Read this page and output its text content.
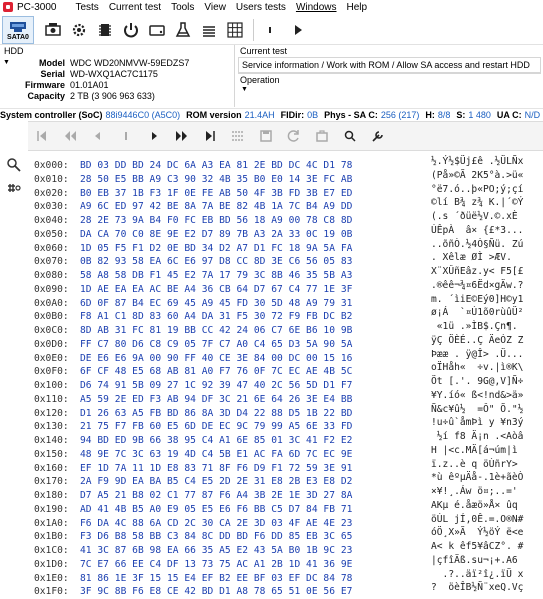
PC-3000	Tests	Current test	Tools	View	Users tests	Windows	Help
SATA0
HDD
▼	Model WDC WD20NMVW-59EDZS7
Serial WD-WXQ1AC7C1175
Firmware 01.01A01
Capacity 2 TB (3 906 963 633)
Current test
Service information / Work with ROM / Allow SA access and restart HDD
Operation
▼
System controller (SoC) 88i9446C0 (A5C0) ROM version 21.4AH FIDir: 0B Phys - SA C: 256 (217) H: 8/8 S: 1 480 UA C: N/D
0x000: BD 03 DD BD 24 DC 6A A3 EA 81 2E BD DC 4C D1 78	½.Ý½$Üj£ê .½ÜLÑx
0x010: 28 50 E5 BB A9 C3 90 32 4B 35 B0 E0 14 3E FC AB	(På»©Ã 2K5°à.>ü«
0x020: B0 EB 37 1B F3 1F 0E FE AB 50 4F 3B FD 3B E7 ED	°ë7.ó..þ«PO;ý;çí
0x030: A9 6C ED 97 42 BE 8A 7A BE 82 4B 1A 7C B4 A9 DD	©lí B¾ z¾ K.|´©Ý
0x040: 28 2E 73 9A B4 F0 FC EB BD 56 18 A9 00 78 C8 8D	(.s ´ðüë½V.©.xÈ
0x050: DA CA 70 C0 8E 9E E2 D7 89 7B A3 2A 33 0C 19 0B	ÚÊpÀ  â× {£*3...
0x060: 1D 05 F5 F1 D2 0E BD 34 D2 A7 D1 FC 18 9A 5A FA	..õñÒ.½4Ò§Ñü. Zú
0x070: 0B 82 93 58 EA 6C E6 97 D8 CC 8D 3E C6 56 05 83	. Xêlæ ØÌ >ÆV.
0x080: 58 A8 58 DB F1 45 E2 7A 17 79 3C 8B 46 35 5B A3	X¨XÛñEâz.y< F5[£
0x090: 1D AE EA EA AC BE A4 36 CB 64 D7 67 C4 77 1E 3F	.®êê¬¾¤6Ëd×gÄw.?
0x0A0: 6D 0F 87 B4 EC 69 45 A9 45 FD 30 5D 48 A9 79 31	m. ´ìiE©Eý0]H©y1
0x0B0: F8 A1 C1 8D 83 60 A4 DA 31 F5 30 72 F9 FB DC B2	ø¡Á  `¤Ú1õ0rùûÜ²
0x0C0: 8D AB 31 FC 81 19 BB CC 42 24 06 C7 6E B6 10 9B	«1ü .»ÌB$.Çn¶.
0x0D0: FF C7 80 D6 C8 C9 05 7F C7 A0 C4 65 D3 5A 90 5A	ÿÇ ÖÈÉ..Ç ÄeÓZ Z
0x0E0: DE E6 E6 9A 00 90 FF 40 CE 3E 84 00 DC 00 15 16	Þææ . ÿ@Î> .Ü...
0x0F0: 6F CF 48 E5 68 AB 81 A0 F7 76 0F 7C EC AE 4B 5C	oÏHåh«  ÷v.|ì®K\
0x100: D6 74 91 5B 09 27 1C 92 39 47 40 2C 56 5D D1 F7	Öt [.'. 9G@,V]Ñ÷
0x110: A5 59 2E ED F3 AB 94 DF 3C 21 6E 64 26 3E E4 BB	¥Y.íó« ß<!nd&>ä»
0x120: D1 26 63 A5 FB BD 86 8A 3D D4 22 88 D5 1B 22 BD	Ñ&c¥û½  =Ô" Õ."½
0x130: 21 75 F7 FB 60 E5 6D DE EC 9C 79 99 A5 6E 33 FD	!u÷û`åmÞì y ¥n3ý
0x140: 94 BD ED 9B 66 38 95 C4 A1 6E 85 01 3C 41 F2 E2	½í f8 Ä¡n .<Aòâ
0x150: 48 9E 7C 3C 63 19 4D C4 5B E1 AC FA 6D 7C EC 9E	H |<c.MÄ[á¬úm|ì
0x160: EF 1D 7A 11 1D E8 83 71 8F F6 D9 F1 72 59 3E 91	ï.z..è q öÙñrY>
0x170: 2A F9 9D EA BA B5 C4 E5 2D 2E 31 E8 2B E3 E8 D2	*ù êºµÄå-.1è+ãèÒ
0x180: D7 A5 21 B8 02 C1 77 87 F6 A4 3B 2E 1E 3D 27 8A	×¥!¸.Áw ö¤;..='
0x190: AD 41 4B B5 A0 E9 05 E5 E6 F6 BB C5 D7 84 FB 71	AKµ é.åæö»Å× ûq
0x1A0: F6 DA 4C 88 6A CD 2C 30 CA 2E 3D 03 4F AE 4E 23	öÚL jÍ,0Ê.=.O®N#
0x1B0: F3 D6 B8 58 BB C3 84 8C DD BD F6 DD 85 EB 3C 65	óÖ¸X»Ã  Ý½öÝ ë<e
0x1C0: 41 3C 87 6B 98 EA 66 35 A5 E2 43 5A B0 1B 9C 23	A< k êf5¥âCZ°. #
0x1D0: 7C E7 66 EE C4 DF 13 73 75 AC A1 2B 1D 41 36 9E	|çfîÄß.su¬¡+.A6
0x1E0: 81 86 1E 3F 15 15 E4 EF B2 EE BF 03 EF DC 84 78	.?..äï²î¿.ïÜ x
0x1F0: 3F 9C 8B F6 E8 CE 42 BD D1 A8 78 65 51 0E 56 E7	?  öèÎB½Ñ¨xeQ.Vç
